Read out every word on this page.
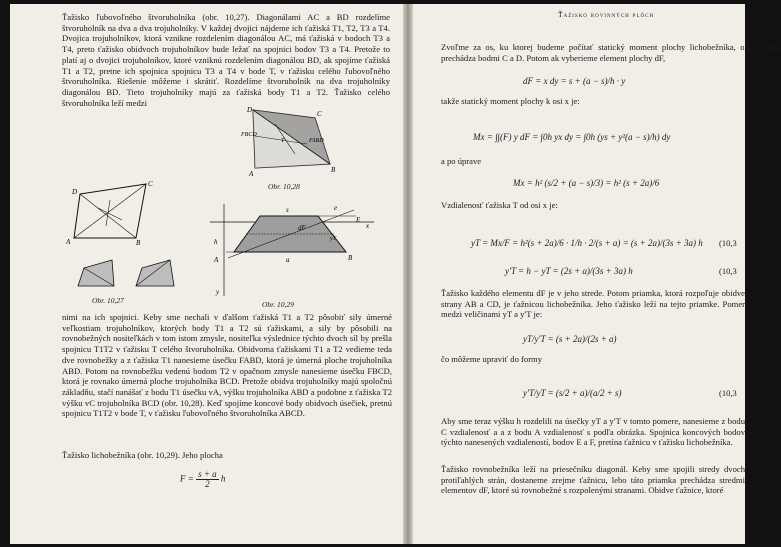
Ťažisko ľubovoľného štvoruholníka (obr. 10,27). Diagonálami AC a BD rozdelíme štvoruholník na dva a dva trojuholníky. V každej dvojici nájdeme ich ťažiská T1, T2, T3 a T4. Dvojica trojuholníkov, ktorá vznikne rozdelením diagonálou AC, má ťažiská v bodoch T3 a T4, preto ťažisko obidvoch trojuholníkov bude ležať na spojnici bodov T3 a T4. Pretože to platí aj o dvojici trojuholníkov, ktoré vzniknú rozdelením diagonálou BD, ak spojíme ťažiská T1 a T2, pretne ich spojnica spojnicu T3 a T4 v bode T, v ťažisku celého ľubovoľného štvoruholníka. Riešenie môžeme i skrátiť. Rozdelíme štvoruholník na dva trojuholníky diagonálou BD. Tieto trojuholníky majú za ťažiská body T1 a T2. Ťažisko celého štvoruholníka leží medzi

D	C
A	B
FBCD
FABD
T
Obr. 10,28
D
C
A	B
Obr. 10,27
s	e
dF
E
x
a
A	B
yT
h
y
Obr. 10,29

nimi na ich spojnici. Keby sme nechali v ďalšom ťažiská T1 a T2 pôsobiť sily úmerné veľkostiam trojuholníkov, ktorých body T1 a T2 sú ťažiskami, a sily by pôsobili na rovnobežných nositeľkách v tom istom zmysle, nositeľka výslednice týchto dvoch síl by prešla spojnicu T1T2 v ťažisku T celého štvoruholníka. Obidvoma ťažiskami T1 a T2 vedieme teda dve rovnobežky a z ťažiska T1 nanesieme úsečku FABD, ktorá je úmerná ploche trojuholníka ABD. Potom na rovnobežku vedenú bodom T2 v opačnom zmysle nanesieme úsečku FBCD, ktorá je rovnako úmerná ploche trojuholníka BCD. Pretože obidva trojuholníky majú spoločnú základňu, stačí nanášať z bodu T1 úsečku vA, výšku trojuholníka ABD a podobne z ťažiska T2 výšku vC trojuholníka BCD (obr. 10,28). Keď spojíme koncové body obidvoch úsečiek, pretnú spojnicu T1T2 v bode T, v ťažisku ľubovoľného štvoruholníka ABCD.

Ťažisko lichobežníka (obr. 10,29). Jeho plocha

$F = \frac{s + a}{2}$ h
Ťažisko rovinných plôch

Zvoľme za os, ku ktorej budeme počítať statický moment plochy lichobežníka, os x, ktorá prechádza bodmi C a D. Potom ak vyberieme element plochy dF,

dF = x dy = s + (a − s)/h · y

takže statický moment plochy k osi x je:

Mx = ∫∫(F) y dF = ∫0h yx dy = ∫0h (ys + y²(a − s)/h) dy

a po úprave

Mx = h² (s/2 + (a − s)/3) = h² (s + 2a)/6

Vzdialenosť ťažiska T od osi x je:

yT = Mx/F = h²(s + 2a)/6 · 1/h · 2/(s + a) = (s + 2a)/(3s + 3a) h (10,3
y′T = h − yT = (2s + a)/(3s + 3a) h	(10,3

Ťažisko každého elementu dF je v jeho strede. Potom priamka, ktorá rozpoľuje obidve strany AB a CD, je ťažnicou lichobežníka. Jeho ťažisko leží na tejto priamke. Pomer medzi veličinami yT a y′T je:

yT/y′T = (s + 2a)/(2s + a)

čo môžeme upraviť do formy

y′T/yT = (s/2 + a)/(a/2 + s)	(10,3

Aby sme teraz výšku h rozdelili na úsečky yT a y′T v tomto pomere, nanesieme z bodu C vzdialenosť a a z bodu A vzdialenosť s podľa obrázka. Spojnica koncových bodov týchto nanesených vzdialeností, bodov E a F, pretína ťažnicu v ťažisku lichobežníka.

Ťažisko rovnobežníka leží na priesečníku diagonál. Keby sme spojili stredy dvoch protiľahlých strán, dostaneme zrejme ťažnicu, lebo táto priamka prechádza stredmi elementov dF, ktoré sú rovnobežné s rozpolenými stranami. Obidve ťažnice, ktoré
